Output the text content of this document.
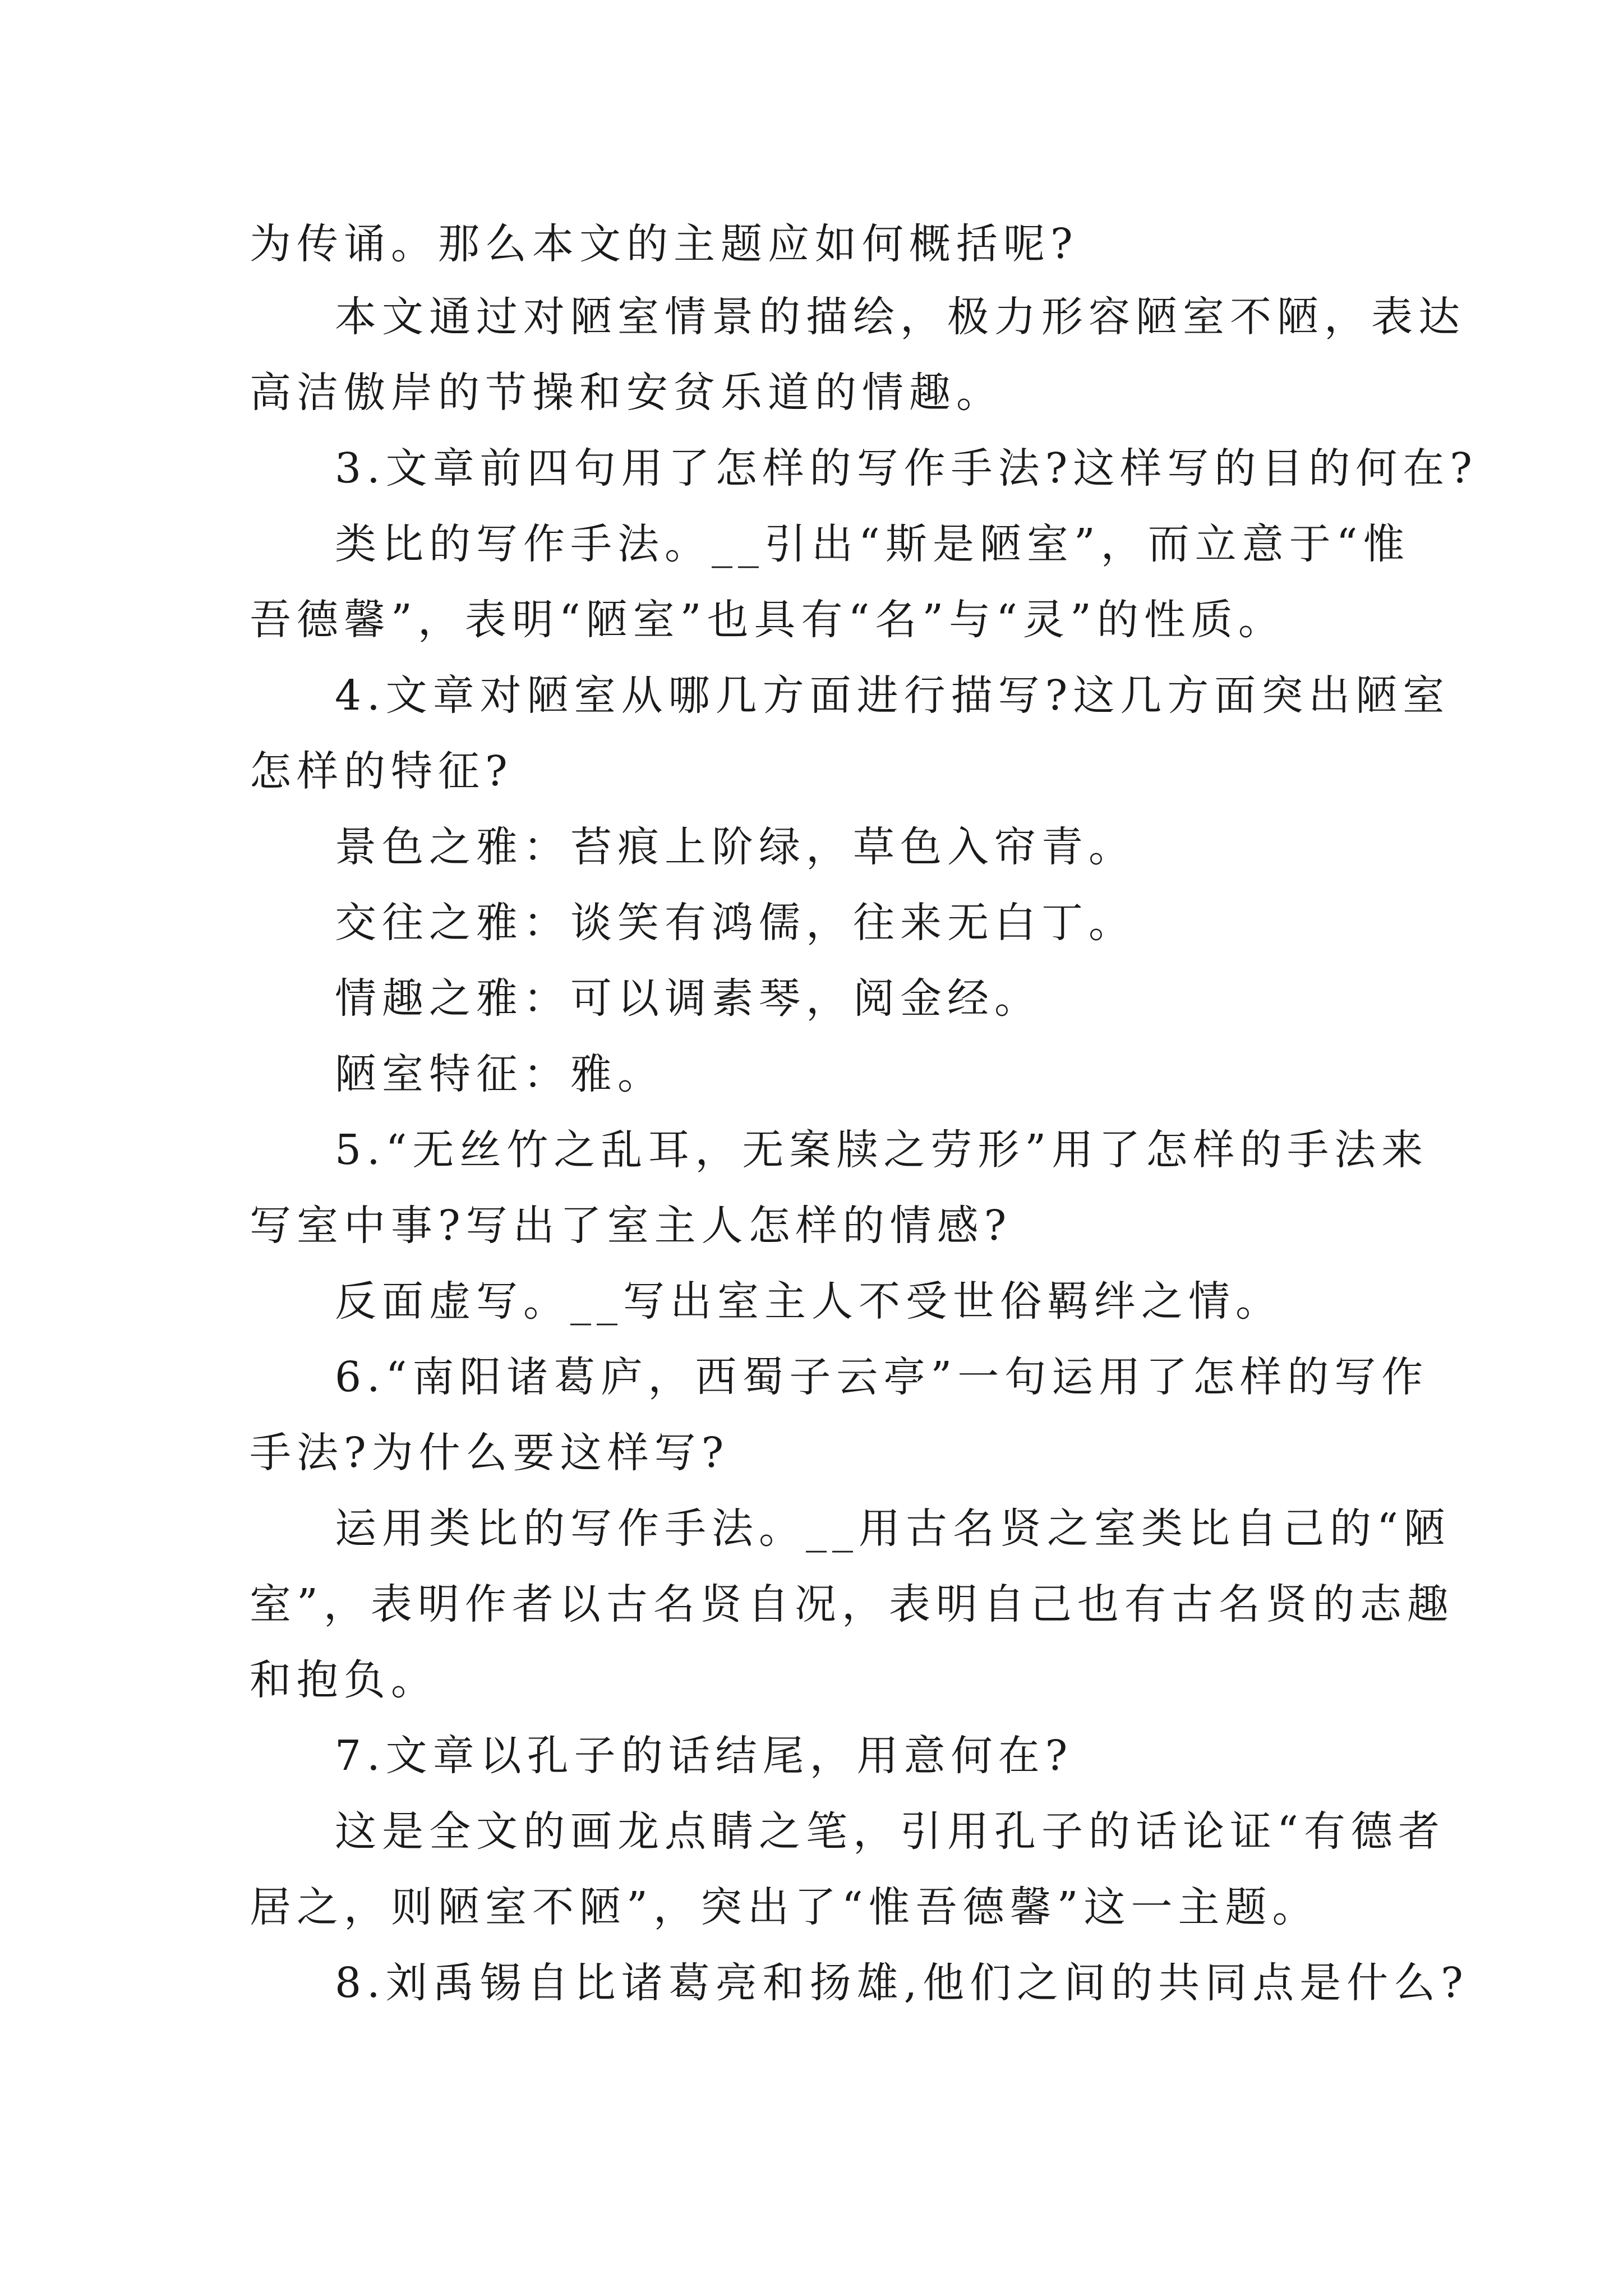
为传诵。那么本文的主题应如何概括呢?
本文通过对陋室情景的描绘，极力形容陋室不陋，表达
高洁傲岸的节操和安贫乐道的情趣。
3.文章前四句用了怎样的写作手法?这样写的目的何在?
类比的写作手法。__引出“斯是陋室”，而立意于“惟
吾德馨”，表明“陋室”也具有“名”与“灵”的性质。
4.文章对陋室从哪几方面进行描写?这几方面突出陋室
怎样的特征?
景色之雅：苔痕上阶绿，草色入帘青。
交往之雅：谈笑有鸿儒，往来无白丁。
情趣之雅：可以调素琴，阅金经。
陋室特征：雅。
5.“无丝竹之乱耳，无案牍之劳形”用了怎样的手法来
写室中事?写出了室主人怎样的情感?
反面虚写。__写出室主人不受世俗羁绊之情。
6.“南阳诸葛庐，西蜀子云亭”一句运用了怎样的写作
手法?为什么要这样写?
运用类比的写作手法。__用古名贤之室类比自己的“陋
室”，表明作者以古名贤自况，表明自己也有古名贤的志趣
和抱负。
7.文章以孔子的话结尾，用意何在?
这是全文的画龙点睛之笔，引用孔子的话论证“有德者
居之，则陋室不陋”，突出了“惟吾德馨”这一主题。
8.刘禹锡自比诸葛亮和扬雄,他们之间的共同点是什么?
